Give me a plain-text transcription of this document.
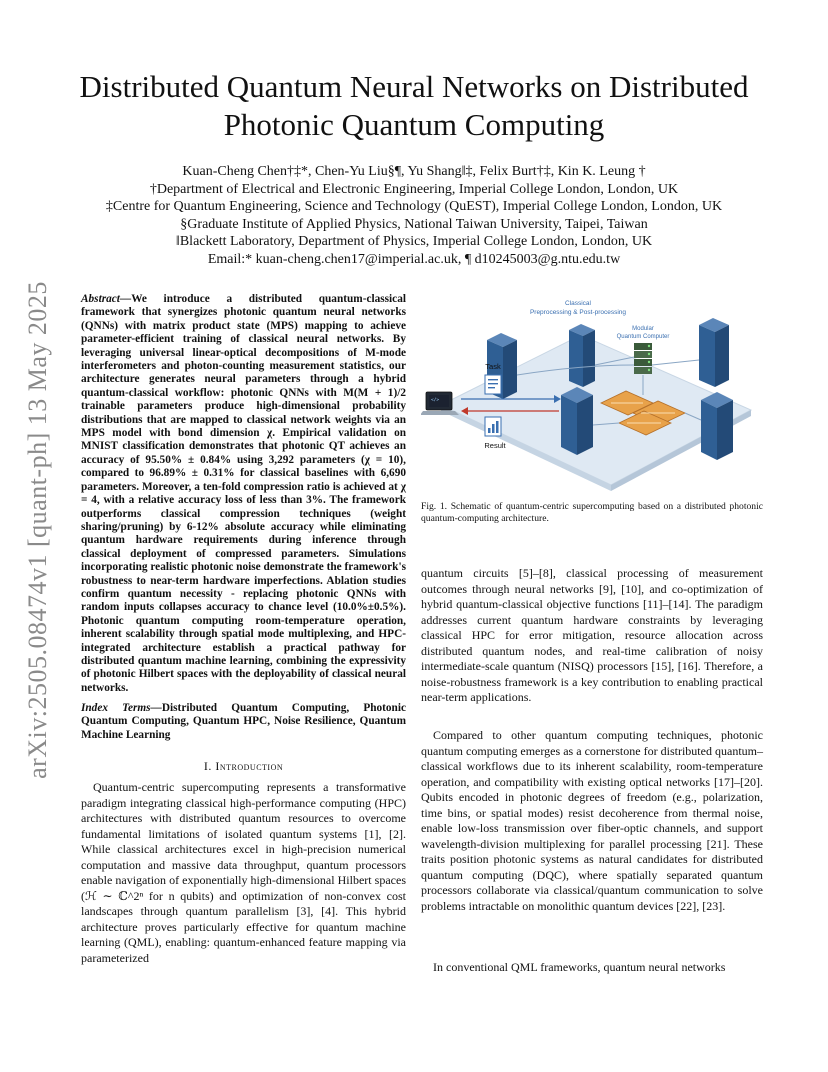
arXiv:2505.08474v1 [quant-ph] 13 May 2025
Distributed Quantum Neural Networks on Distributed Photonic Quantum Computing
Kuan-Cheng Chen†‡*, Chen-Yu Liu§¶, Yu Shang‖‡, Felix Burt†‡, Kin K. Leung †
†Department of Electrical and Electronic Engineering, Imperial College London, London, UK
‡Centre for Quantum Engineering, Science and Technology (QuEST), Imperial College London, London, UK
§Graduate Institute of Applied Physics, National Taiwan University, Taipei, Taiwan
‖Blackett Laboratory, Department of Physics, Imperial College London, London, UK
Email:* kuan-cheng.chen17@imperial.ac.uk, ¶ d10245003@g.ntu.edu.tw
Abstract—We introduce a distributed quantum-classical framework that synergizes photonic quantum neural networks (QNNs) with matrix product state (MPS) mapping to achieve parameter-efficient training of classical neural networks. By leveraging universal linear-optical decompositions of M-mode interferometers and photon-counting measurement statistics, our architecture generates neural parameters through a hybrid quantum-classical workflow: photonic QNNs with M(M + 1)/2 trainable parameters produce high-dimensional probability distributions that are mapped to classical network weights via an MPS model with bond dimension χ. Empirical validation on MNIST classification demonstrates that photonic QT achieves an accuracy of 95.50% ± 0.84% using 3,292 parameters (χ = 10), compared to 96.89% ± 0.31% for classical baselines with 6,690 parameters. Moreover, a ten-fold compression ratio is achieved at χ = 4, with a relative accuracy loss of less than 3%. The framework outperforms classical compression techniques (weight sharing/pruning) by 6-12% absolute accuracy while eliminating quantum hardware requirements during inference through classical deployment of compressed parameters. Simulations incorporating realistic photonic noise demonstrate the framework's robustness to near-term hardware imperfections. Ablation studies confirm quantum necessity - replacing photonic QNNs with random inputs collapses accuracy to chance level (10.0%±0.5%). Photonic quantum computing room-temperature operation, inherent scalability through spatial mode multiplexing, and HPC-integrated architecture establish a practical pathway for distributed quantum machine learning, combining the expressivity of photonic Hilbert spaces with the deployability of classical neural networks.
Index Terms—Distributed Quantum Computing, Photonic Quantum Computing, Quantum HPC, Noise Resilience, Quantum Machine Learning
I. Introduction
Quantum-centric supercomputing represents a transformative paradigm integrating classical high-performance computing (HPC) architectures with distributed quantum resources to overcome fundamental limitations of isolated quantum systems [1], [2]. While classical architectures excel in high-precision numerical computation and massive data throughput, quantum processors enable navigation of exponentially high-dimensional Hilbert spaces (ℋ ∼ ℂ^2ⁿ for n qubits) and optimization of non-convex cost landscapes through quantum parallelism [3], [4]. This hybrid architecture proves particularly effective for quantum machine learning (QML), enabling: quantum-enhanced feature mapping via parameterized
Classical
Preprocessing & Post-processing
Modular
Quantum Computer
Task
</>
Result
Fig. 1. Schematic of quantum-centric supercomputing based on a distributed photonic quantum-computing architecture.
quantum circuits [5]–[8], classical processing of measurement outcomes through neural networks [9], [10], and co-optimization of hybrid quantum-classical objective functions [11]–[14]. The paradigm addresses current quantum hardware constraints by leveraging classical HPC for error mitigation, resource allocation across distributed quantum nodes, and real-time calibration of noisy intermediate-scale quantum (NISQ) processors [15], [16]. Therefore, a noise-robustness framework is a key contribution to enabling practical near-term applications.
Compared to other quantum computing techniques, photonic quantum computing emerges as a cornerstone for distributed quantum–classical workflows due to its inherent scalability, room-temperature operation, and compatibility with existing optical networks [17]–[20]. Qubits encoded in photonic degrees of freedom (e.g., polarization, time bins, or spatial modes) resist decoherence from thermal noise, enable low-loss transmission over fiber-optic channels, and support wavelength-division multiplexing for parallel processing [21]. These traits position photonic systems as natural candidates for distributed quantum computing (DQC), where spatially separated quantum processors collaborate via classical/quantum communication to solve problems intractable on monolithic quantum devices [22], [23].
In conventional QML frameworks, quantum neural networks
